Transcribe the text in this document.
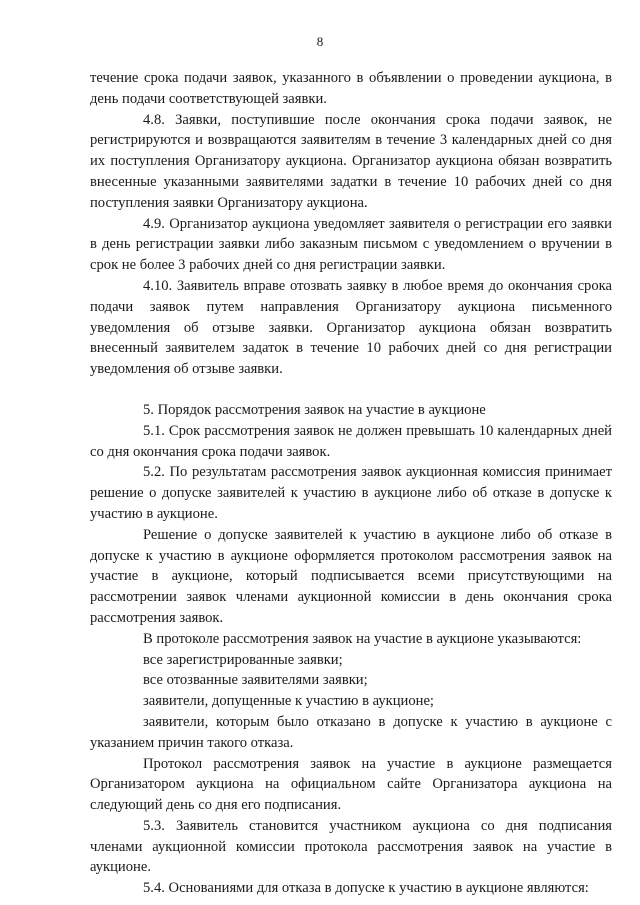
8

течение срока подачи заявок, указанного в объявлении о проведении аукциона, в день подачи соответствующей заявки.

4.8. Заявки, поступившие после окончания срока подачи заявок, не регистрируются и возвращаются заявителям в течение 3 календарных дней со дня их поступления Организатору аукциона. Организатор аукциона обязан возвратить внесенные указанными заявителями задатки в течение 10 рабочих дней со дня поступления заявки Организатору аукциона.

4.9. Организатор аукциона уведомляет заявителя о регистрации его заявки в день регистрации заявки либо заказным письмом с уведомлением о вручении в срок не более 3 рабочих дней со дня регистрации заявки.

4.10. Заявитель вправе отозвать заявку в любое время до окончания срока подачи заявок путем направления Организатору аукциона письменного уведомления об отзыве заявки. Организатор аукциона обязан возвратить внесенный заявителем задаток в течение 10 рабочих дней со дня регистрации уведомления об отзыве заявки.

5. Порядок рассмотрения заявок на участие в аукционе

5.1. Срок рассмотрения заявок не должен превышать 10 календарных дней со дня окончания срока подачи заявок.

5.2. По результатам рассмотрения заявок аукционная комиссия принимает решение о допуске заявителей к участию в аукционе либо об отказе в допуске к участию в аукционе.

Решение о допуске заявителей к участию в аукционе либо об отказе в допуске к участию в аукционе оформляется протоколом рассмотрения заявок на участие в аукционе, который подписывается всеми присутствующими на рассмотрении заявок членами аукционной комиссии в день окончания срока рассмотрения заявок.

В протоколе рассмотрения заявок на участие в аукционе указываются:

все зарегистрированные заявки;

все отозванные заявителями заявки;

заявители, допущенные к участию в аукционе;

заявители, которым было отказано в допуске к участию в аукционе с указанием причин такого отказа.

Протокол рассмотрения заявок на участие в аукционе размещается Организатором аукциона на официальном сайте Организатора аукциона на следующий день со дня его подписания.

5.3. Заявитель становится участником аукциона со дня подписания членами аукционной комиссии протокола рассмотрения заявок на участие в аукционе.

5.4. Основаниями для отказа в допуске к участию в аукционе являются:
